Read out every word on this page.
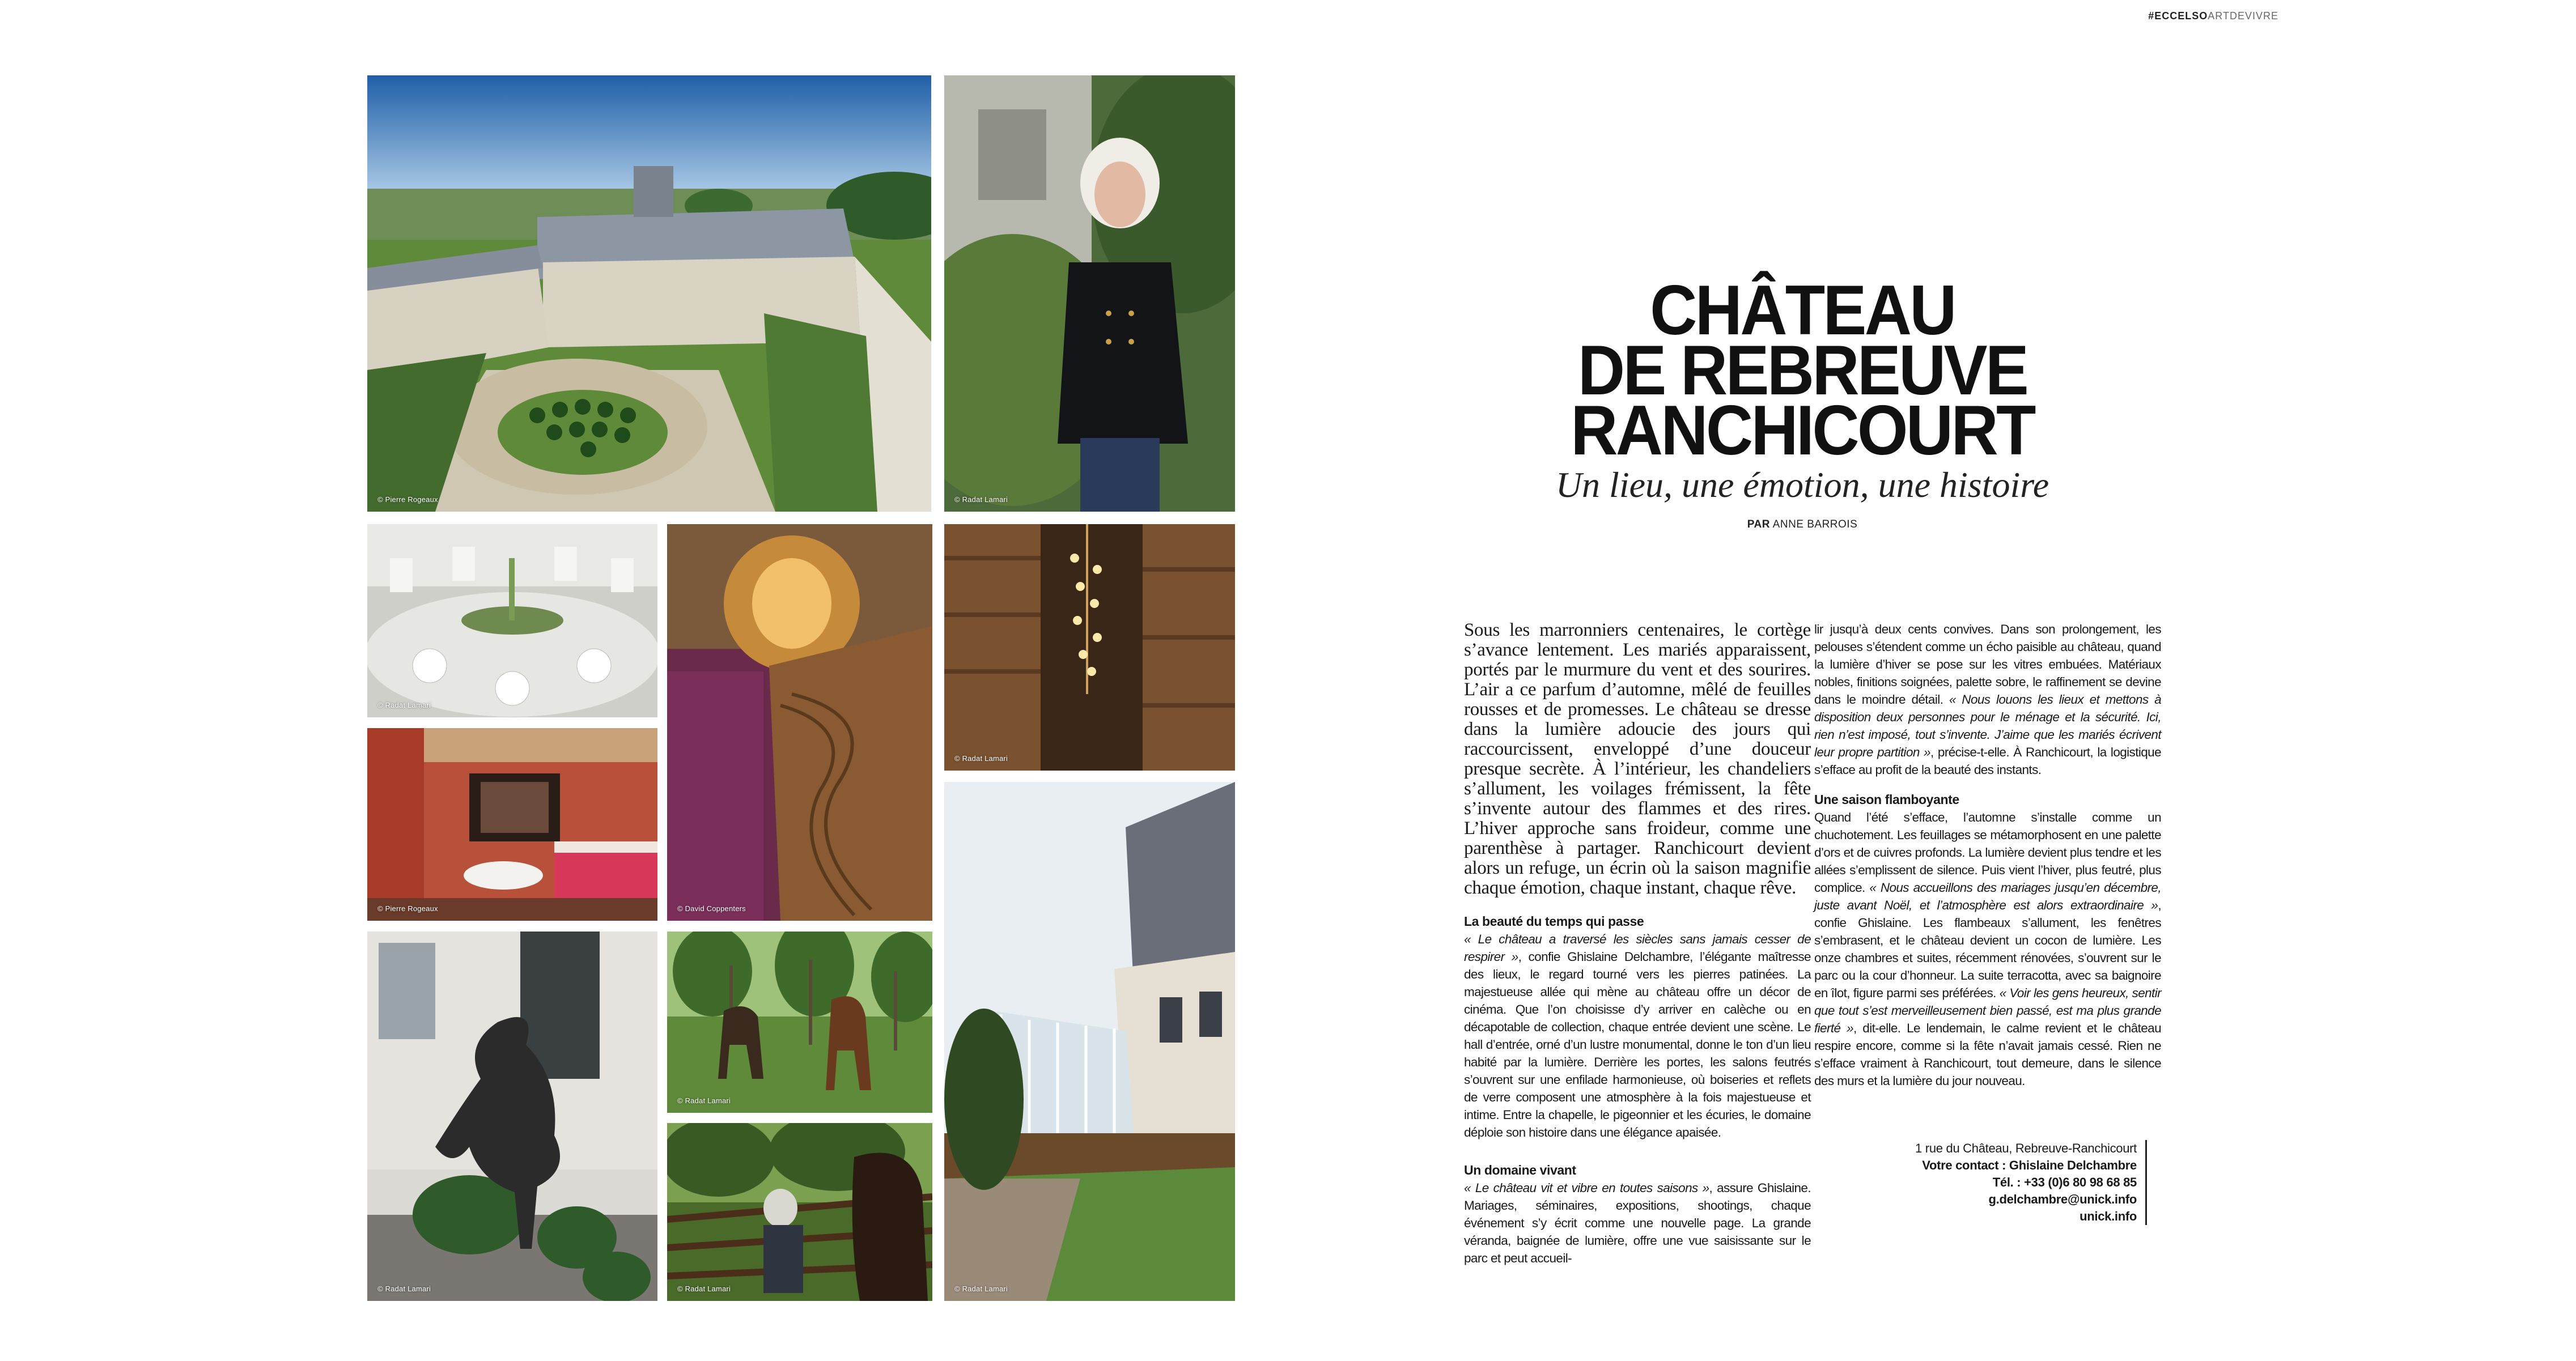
© Pierre Rogeaux	© Radat Lamari
© Radat Lamari
© David Coppenters
© Radat Lamari
© Pierre Rogeaux
© Radat Lamari
© Radat Lamari
© Radat Lamari	© Radat Lamari
#ECCELSOARTDEVIVRE
CHÂTEAU
DE REBREUVE
RANCHICOURT
Un lieu, une émotion, une histoire
PAR ANNE BARROIS

Sous les marronniers centenaires, le cortège s’avance lentement. Les mariés apparaissent, portés par le murmure du vent et des sourires. L’air a ce parfum d’automne, mêlé de feuilles rousses et de promesses. Le château se dresse dans la lumière adoucie des jours qui raccourcissent, enveloppé d’une douceur presque secrète. À l’intérieur, les chandeliers s’allument, les voilages frémissent, la fête s’invente autour des flammes et des rires. L’hiver approche sans froideur, comme une parenthèse à partager. Ranchicourt devient alors un refuge, un écrin où la saison magnifie chaque émotion, chaque instant, chaque rêve.

La beauté du temps qui passe

« Le château a traversé les siècles sans jamais cesser de respirer », confie Ghislaine Delchambre, l’élégante maîtresse des lieux, le regard tourné vers les pierres patinées. La majestueuse allée qui mène au château offre un décor de cinéma. Que l’on choisisse d’y arriver en calèche ou en décapotable de collection, chaque entrée devient une scène. Le hall d’entrée, orné d’un lustre monumental, donne le ton d’un lieu habité par la lumière. Derrière les portes, les salons feutrés s’ouvrent sur une enfilade harmonieuse, où boiseries et reflets de verre composent une atmosphère à la fois majestueuse et intime. Entre la chapelle, le pigeonnier et les écuries, le domaine déploie son histoire dans une élégance apaisée.

Un domaine vivant

« Le château vit et vibre en toutes saisons », assure Ghislaine. Mariages, séminaires, expositions, shootings, chaque événement s’y écrit comme une nouvelle page. La grande véranda, baignée de lumière, offre une vue saisissante sur le parc et peut accueil-

lir jusqu’à deux cents convives. Dans son prolongement, les pelouses s’étendent comme un écho paisible au château, quand la lumière d’hiver se pose sur les vitres embuées. Matériaux nobles, finitions soignées, palette sobre, le raffinement se devine dans le moindre détail. « Nous louons les lieux et mettons à disposition deux personnes pour le ménage et la sécurité. Ici, rien n’est imposé, tout s’invente. J’aime que les mariés écrivent leur propre partition », précise-t-elle. À Ranchicourt, la logistique s’efface au profit de la beauté des instants.

Une saison flamboyante

Quand l’été s’efface, l’automne s’installe comme un chuchotement. Les feuillages se métamorphosent en une palette d’ors et de cuivres profonds. La lumière devient plus tendre et les allées s’emplissent de silence. Puis vient l’hiver, plus feutré, plus complice. « Nous accueillons des mariages jusqu’en décembre, juste avant Noël, et l’atmosphère est alors extraordinaire », confie Ghislaine. Les flambeaux s’allument, les fenêtres s’embrasent, et le château devient un cocon de lumière. Les onze chambres et suites, récemment rénovées, s’ouvrent sur le parc ou la cour d’honneur. La suite terracotta, avec sa baignoire en îlot, figure parmi ses préférées. « Voir les gens heureux, sentir que tout s’est merveilleusement bien passé, est ma plus grande fierté », dit-elle. Le lendemain, le calme revient et le château respire encore, comme si la fête n’avait jamais cessé. Rien ne s’efface vraiment à Ranchicourt, tout demeure, dans le silence des murs et la lumière du jour nouveau.

1 rue du Château, Rebreuve-Ranchicourt
Votre contact : Ghislaine Delchambre
Tél. : +33 (0)6 80 98 68 85
g.delchambre@unick.info
unick.info
